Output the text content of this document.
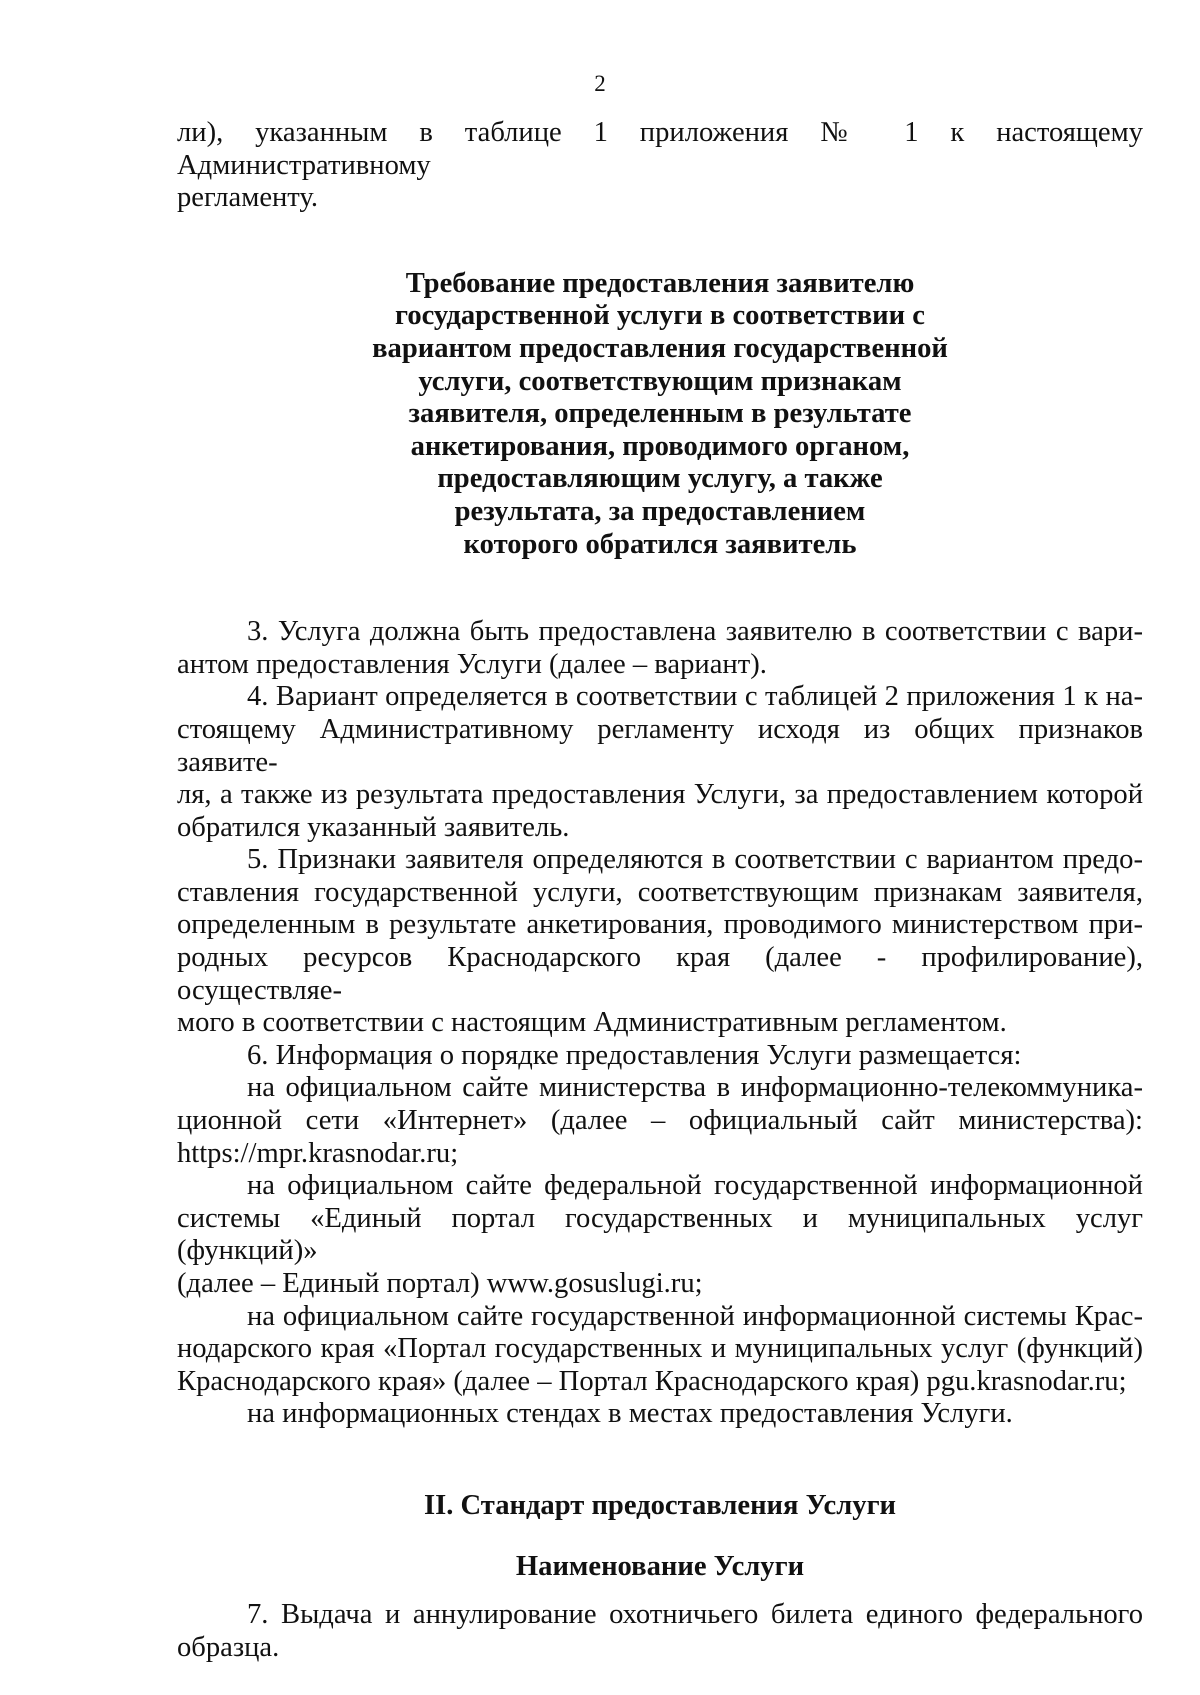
2

ли), указанным в таблице 1 приложения № 1 к настоящему Административному

регламенту.

Требование предоставления заявителю
государственной услуги в соответствии с
вариантом предоставления государственной
услуги, соответствующим признакам
заявителя, определенным в результате
анкетирования, проводимого органом,
предоставляющим услугу, а также
результата, за предоставлением
которого обратился заявитель

3. Услуга должна быть предоставлена заявителю в соответствии с вари-

антом предоставления Услуги (далее – вариант).

4. Вариант определяется в соответствии с таблицей 2 приложения 1 к на-

стоящему Административному регламенту исходя из общих признаков заявите-

ля, а также из результата предоставления Услуги, за предоставлением которой

обратился указанный заявитель.

5. Признаки заявителя определяются в соответствии с вариантом предо-

ставления государственной услуги, соответствующим признакам заявителя,

определенным в результате анкетирования, проводимого министерством при-

родных ресурсов Краснодарского края (далее - профилирование), осуществляе-

мого в соответствии с настоящим Административным регламентом.

6. Информация о порядке предоставления Услуги размещается:

на официальном сайте министерства в информационно-телекоммуника-

ционной сети «Интернет» (далее – официальный сайт министерства):

https://mpr.krasnodar.ru;

на официальном сайте федеральной государственной информационной

системы «Единый портал государственных и муниципальных услуг (функций)»

(далее – Единый портал) www.gosuslugi.ru;

на официальном сайте государственной информационной системы Крас-

нодарского края «Портал государственных и муниципальных услуг (функций)

Краснодарского края» (далее – Портал Краснодарского края) pgu.krasnodar.ru;

на информационных стендах в местах предоставления Услуги.

II. Стандарт предоставления Услуги
Наименование Услуги

7. Выдача и аннулирование охотничьего билета единого федерального

образца.
